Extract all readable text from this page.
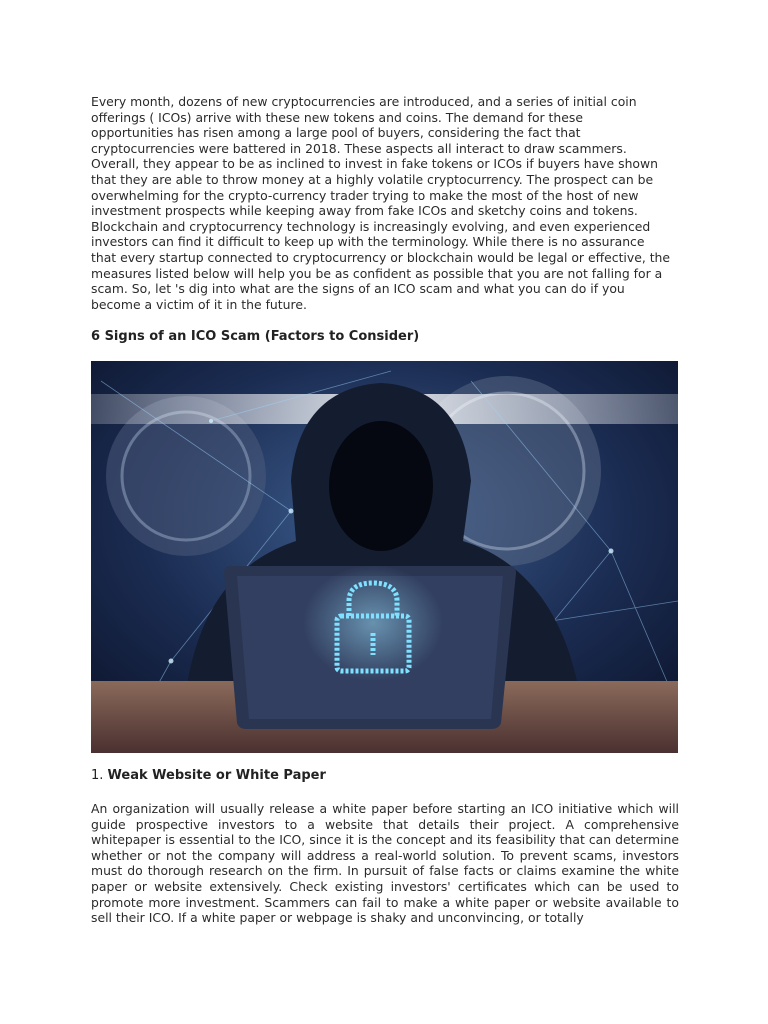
Every month, dozens of new cryptocurrencies are introduced, and a series of initial coin
offerings ( ICOs) arrive with these new tokens and coins. The demand for these
opportunities has risen among a large pool of buyers, considering the fact that
cryptocurrencies were battered in 2018. These aspects all interact to draw scammers.
Overall, they appear to be as inclined to invest in fake tokens or ICOs if buyers have shown
that they are able to throw money at a highly volatile cryptocurrency. The prospect can be
overwhelming for the crypto-currency trader trying to make the most of the host of new
investment prospects while keeping away from fake ICOs and sketchy coins and tokens.
Blockchain and cryptocurrency technology is increasingly evolving, and even experienced
investors can find it difficult to keep up with the terminology. While there is no assurance
that every startup connected to cryptocurrency or blockchain would be legal or effective, the
measures listed below will help you be as confident as possible that you are not falling for a
scam. So, let 's dig into what are the signs of an ICO scam and what you can do if you
become a victim of it in the future.
6 Signs of an ICO Scam (Factors to Consider)

1. Weak Website or White Paper

An organization will usually release a white paper before starting an ICO initiative which will guide prospective investors to a website that details their project. A comprehensive whitepaper is essential to the ICO, since it is the concept and its feasibility that can determine whether or not the company will address a real-world solution. To prevent scams, investors must do thorough research on the firm. In pursuit of false facts or claims examine the white paper or website extensively. Check existing investors' certificates which can be used to promote more investment. Scammers can fail to make a white paper or website available to sell their ICO. If a white paper or webpage is shaky and unconvincing, or totally
